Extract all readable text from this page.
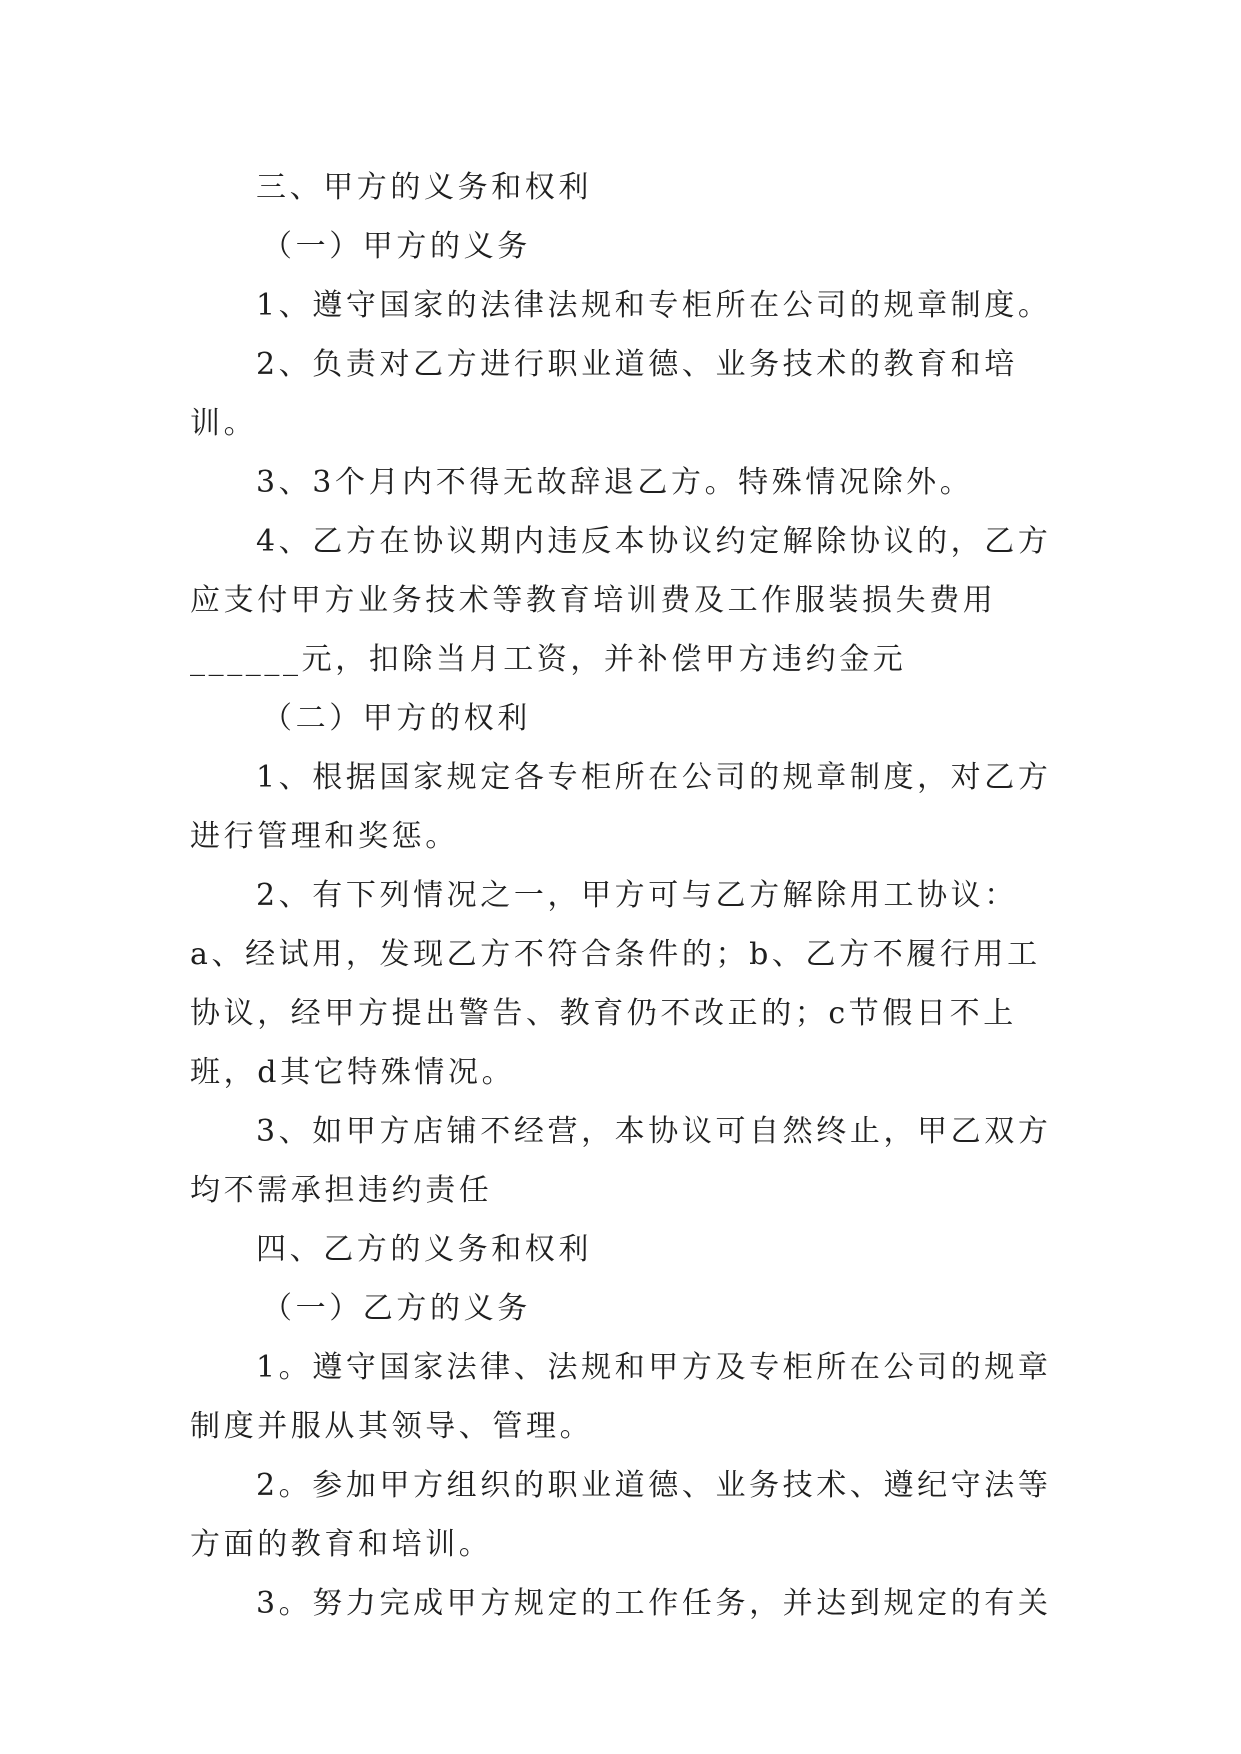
三、甲方的义务和权利

（一）甲方的义务

1、遵守国家的法律法规和专柜所在公司的规章制度。

2、负责对乙方进行职业道德、业务技术的教育和培训。

3、3个月内不得无故辞退乙方。特殊情况除外。

4、乙方在协议期内违反本协议约定解除协议的，乙方应支付甲方业务技术等教育培训费及工作服装损失费用______元，扣除当月工资，并补偿甲方违约金元

（二）甲方的权利

1、根据国家规定各专柜所在公司的规章制度，对乙方进行管理和奖惩。

2、有下列情况之一，甲方可与乙方解除用工协议：a、经试用，发现乙方不符合条件的；b、乙方不履行用工协议，经甲方提出警告、教育仍不改正的；c节假日不上班，d其它特殊情况。

3、如甲方店铺不经营，本协议可自然终止，甲乙双方均不需承担违约责任

四、乙方的义务和权利

（一）乙方的义务

1。遵守国家法律、法规和甲方及专柜所在公司的规章制度并服从其领导、管理。

2。参加甲方组织的职业道德、业务技术、遵纪守法等方面的教育和培训。

3。努力完成甲方规定的工作任务，并达到规定的有关
